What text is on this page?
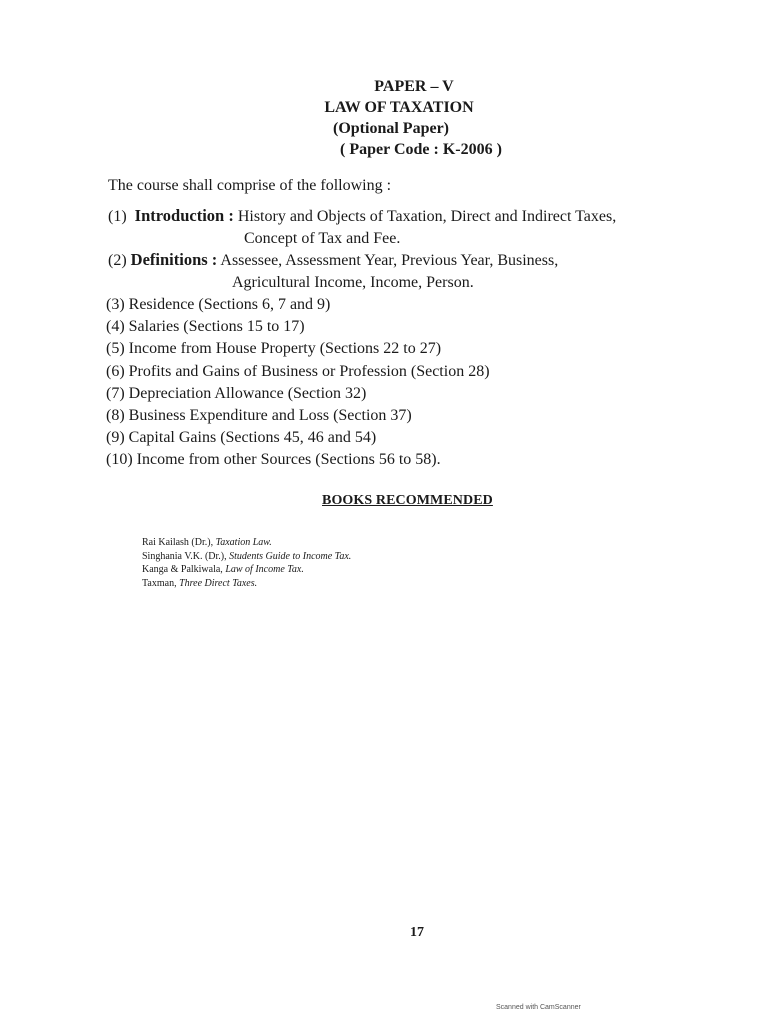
PAPER – V
LAW OF TAXATION
(Optional Paper)
( Paper Code : K-2006 )
The course shall comprise of the following :
(1) Introduction : History and Objects of Taxation, Direct and Indirect Taxes,
Concept of Tax and Fee.
(2) Definitions : Assessee, Assessment Year, Previous Year, Business,
Agricultural Income, Income, Person.
(3) Residence (Sections 6, 7 and 9)
(4) Salaries (Sections 15 to 17)
(5) Income from House Property (Sections 22 to 27)
(6) Profits and Gains of Business or Profession (Section 28)
(7) Depreciation Allowance (Section 32)
(8) Business Expenditure and Loss (Section 37)
(9) Capital Gains (Sections 45, 46 and 54)
(10) Income from other Sources (Sections 56 to 58).
BOOKS RECOMMENDED
Rai Kailash (Dr.), Taxation Law.
Singhania V.K. (Dr.), Students Guide to Income Tax.
Kanga & Palkiwala, Law of Income Tax.
Taxman, Three Direct Taxes.
17
Scanned with CamScanner
